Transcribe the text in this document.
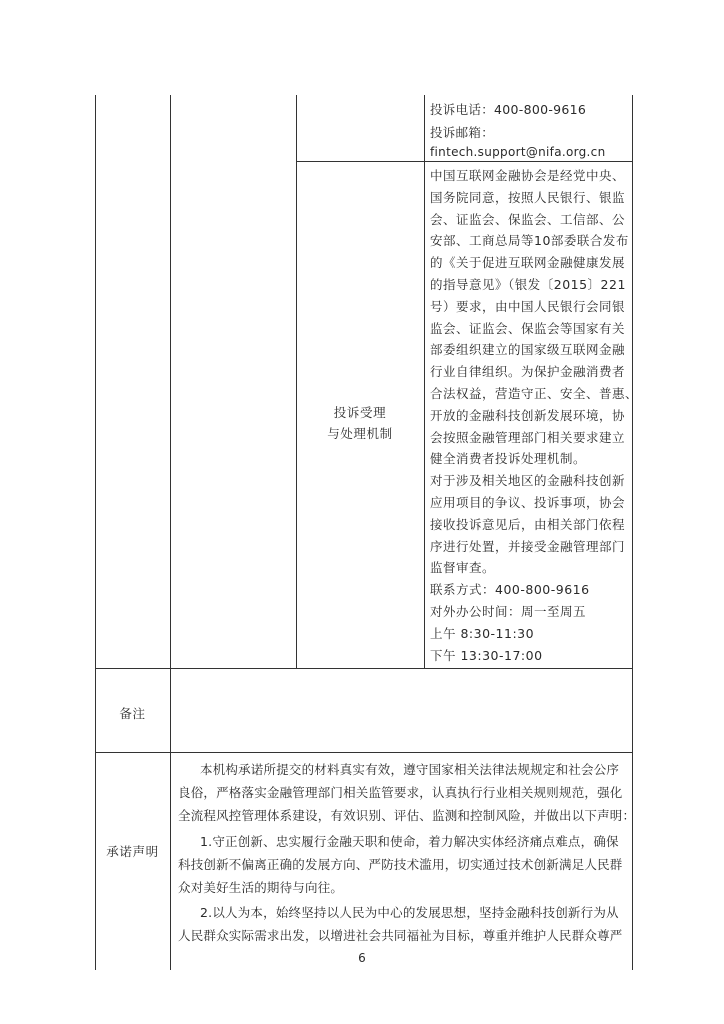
投诉电话：400-800-9616
投诉邮箱：
fintech.support@nifa.org.cn
投诉受理
与处理机制
中国互联网金融协会是经党中央、
国务院同意，按照人民银行、银监
会、证监会、保监会、工信部、公
安部、工商总局等10部委联合发布
的《关于促进互联网金融健康发展
的指导意见》（银发〔2015〕221
号）要求，由中国人民银行会同银
监会、证监会、保监会等国家有关
部委组织建立的国家级互联网金融
行业自律组织。为保护金融消费者
合法权益，营造守正、安全、普惠、
开放的金融科技创新发展环境，协
会按照金融管理部门相关要求建立
健全消费者投诉处理机制。
对于涉及相关地区的金融科技创新
应用项目的争议、投诉事项，协会
接收投诉意见后，由相关部门依程
序进行处置，并接受金融管理部门
监督审查。
联系方式：400-800-9616
对外办公时间：周一至周五
上午 8:30-11:30
下午 13:30-17:00
备注
承诺声明
本机构承诺所提交的材料真实有效，遵守国家相关法律法规规定和社会公序
良俗，严格落实金融管理部门相关监管要求，认真执行行业相关规则规范，强化
全流程风控管理体系建设，有效识别、评估、监测和控制风险，并做出以下声明：
1.守正创新、忠实履行金融天职和使命，着力解决实体经济痛点难点，确保
科技创新不偏离正确的发展方向、严防技术滥用，切实通过技术创新满足人民群
众对美好生活的期待与向往。
2.以人为本，始终坚持以人民为中心的发展思想，坚持金融科技创新行为从
人民群众实际需求出发，以增进社会共同福祉为目标，尊重并维护人民群众尊严
6
